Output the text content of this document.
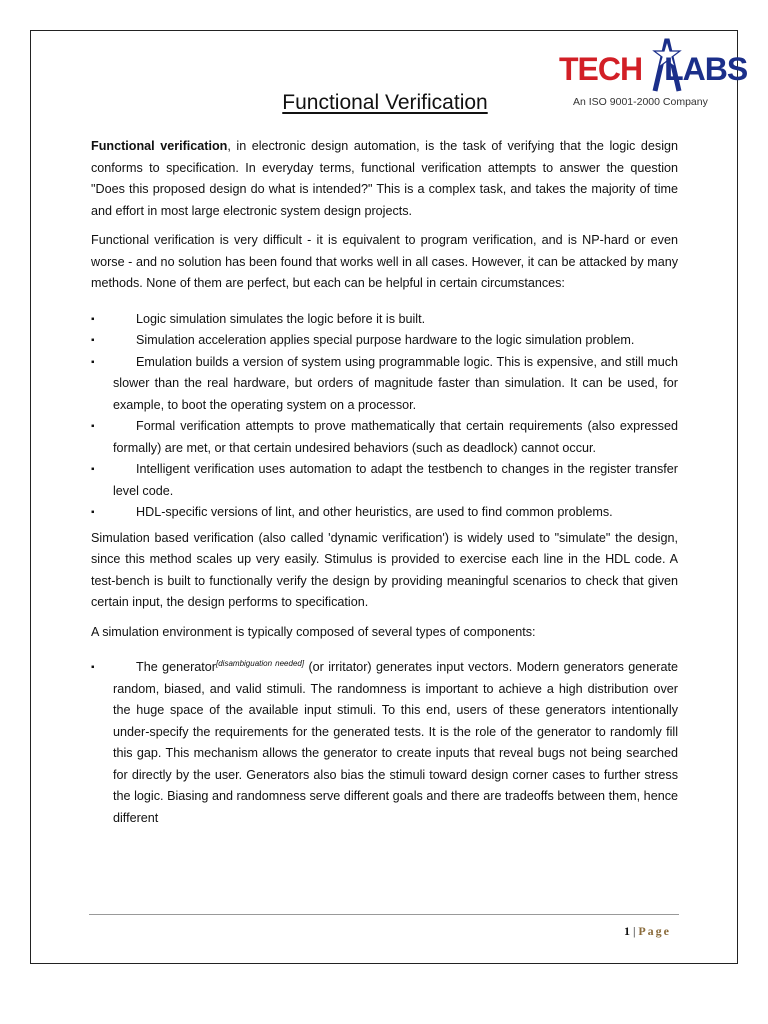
TECH LABS
An ISO 9001-2000 Company
Functional Verification

Functional verification, in electronic design automation, is the task of verifying that the logic design conforms to specification. In everyday terms, functional verification attempts to answer the question "Does this proposed design do what is intended?" This is a complex task, and takes the majority of time and effort in most large electronic system design projects.

Functional verification is very difficult - it is equivalent to program verification, and is NP-hard or even worse - and no solution has been found that works well in all cases. However, it can be attacked by many methods. None of them are perfect, but each can be helpful in certain circumstances:

▪	Logic simulation simulates the logic before it is built.
▪	Simulation acceleration applies special purpose hardware to the logic simulation problem.
▪	Emulation builds a version of system using programmable logic. This is expensive, and still much slower than the real hardware, but orders of magnitude faster than simulation. It can be used, for example, to boot the operating system on a processor.
▪	Formal verification attempts to prove mathematically that certain requirements (also expressed formally) are met, or that certain undesired behaviors (such as deadlock) cannot occur.
▪	Intelligent verification uses automation to adapt the testbench to changes in the register transfer level code.
▪	HDL-specific versions of lint, and other heuristics, are used to find common problems.

Simulation based verification (also called 'dynamic verification') is widely used to "simulate" the design, since this method scales up very easily. Stimulus is provided to exercise each line in the HDL code. A test-bench is built to functionally verify the design by providing meaningful scenarios to check that given certain input, the design performs to specification.

A simulation environment is typically composed of several types of components:

▪	The generator[disambiguation needed] (or irritator) generates input vectors. Modern generators generate random, biased, and valid stimuli. The randomness is important to achieve a high distribution over the huge space of the available input stimuli. To this end, users of these generators intentionally under-specify the requirements for the generated tests. It is the role of the generator to randomly fill this gap. This mechanism allows the generator to create inputs that reveal bugs not being searched for directly by the user. Generators also bias the stimuli toward design corner cases to further stress the logic. Biasing and randomness serve different goals and there are tradeoffs between them, hence different
1 | Page
